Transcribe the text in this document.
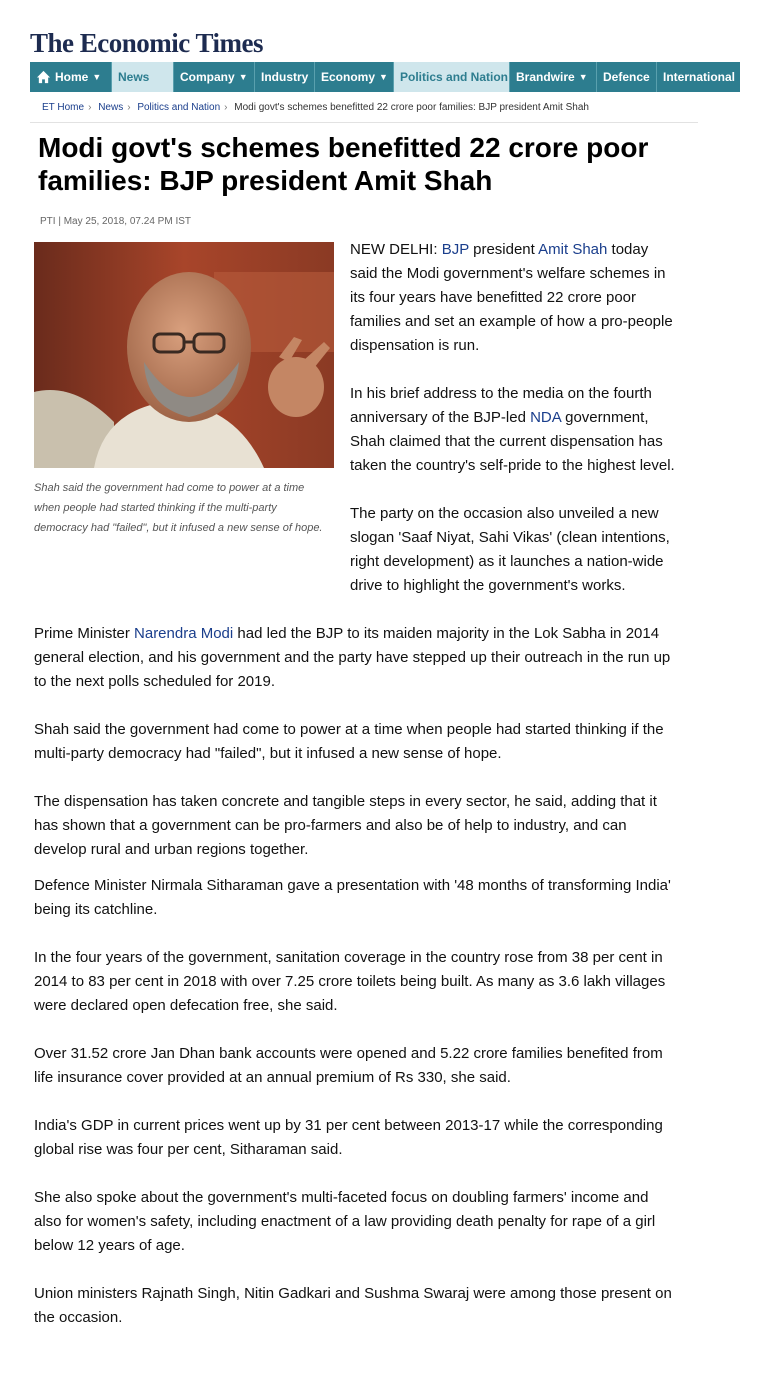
The Economic Times
Home ▼ News	Company ▼ Industry Economy ▼ Politics and Nation Brandwire ▼ Defence International
ET Home › News › Politics and Nation › Modi govt's schemes benefitted 22 crore poor families: BJP president Amit Shah
Modi govt's schemes benefitted 22 crore poor families: BJP president Amit Shah
PTI | May 25, 2018, 07.24 PM IST
Shah said the government had come to power at a time when people had started thinking if the multi-party democracy had "failed", but it infused a new sense of hope.

NEW DELHI: BJP president Amit Shah today said the Modi government's welfare schemes in its four years have benefitted 22 crore poor families and set an example of how a pro-people dispensation is run.

In his brief address to the media on the fourth anniversary of the BJP-led NDA government, Shah claimed that the current dispensation has taken the country's self-pride to the highest level.

The party on the occasion also unveiled a new slogan 'Saaf Niyat, Sahi Vikas' (clean intentions, right development) as it launches a nation-wide drive to highlight the government's works.

Prime Minister Narendra Modi had led the BJP to its maiden majority in the Lok Sabha in 2014 general election, and his government and the party have stepped up their outreach in the run up to the next polls scheduled for 2019.

Shah said the government had come to power at a time when people had started thinking if the multi-party democracy had "failed", but it infused a new sense of hope.

The dispensation has taken concrete and tangible steps in every sector, he said, adding that it has shown that a government can be pro-farmers and also be of help to industry, and can develop rural and urban regions together.

Defence Minister Nirmala Sitharaman gave a presentation with '48 months of transforming India' being its catchline.

In the four years of the government, sanitation coverage in the country rose from 38 per cent in 2014 to 83 per cent in 2018 with over 7.25 crore toilets being built. As many as 3.6 lakh villages were declared open defecation free, she said.

Over 31.52 crore Jan Dhan bank accounts were opened and 5.22 crore families benefited from life insurance cover provided at an annual premium of Rs 330, she said.

India's GDP in current prices went up by 31 per cent between 2013-17 while the corresponding global rise was four per cent, Sitharaman said.

She also spoke about the government's multi-faceted focus on doubling farmers' income and also for women's safety, including enactment of a law providing death penalty for rape of a girl below 12 years of age.

Union ministers Rajnath Singh, Nitin Gadkari and Sushma Swaraj were among those present on the occasion.
